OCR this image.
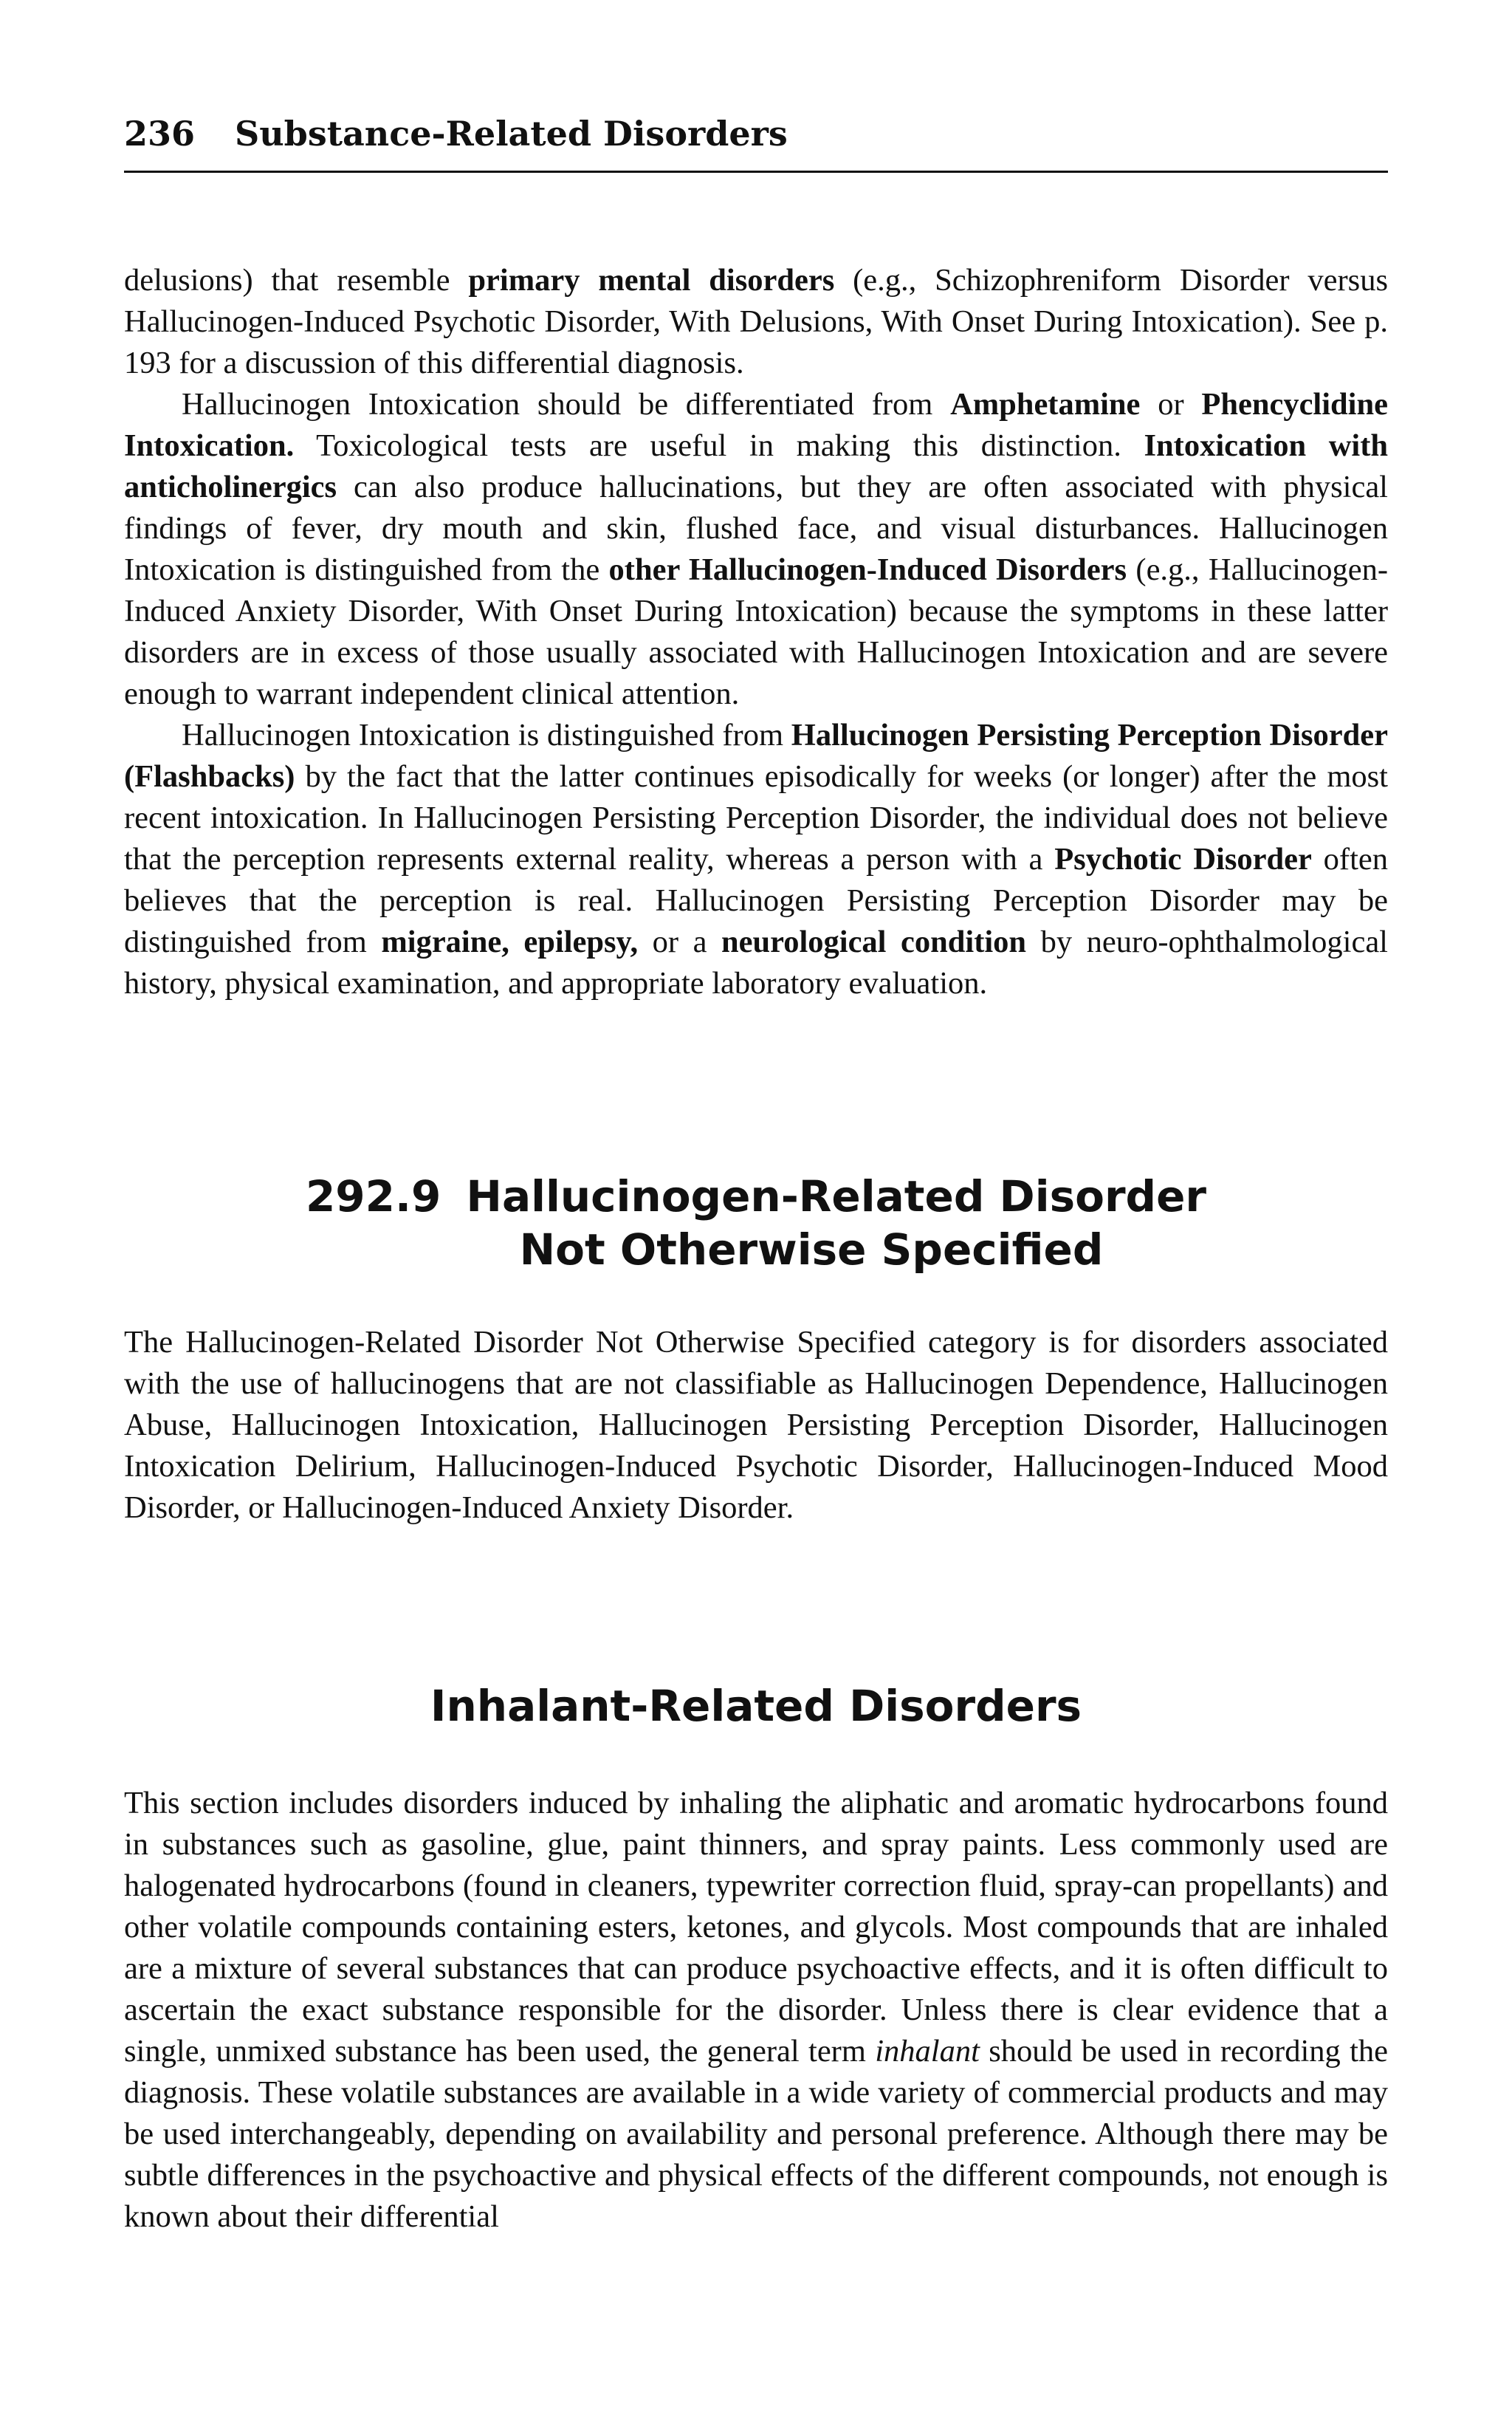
236 Substance-Related Disorders

delusions) that resemble primary mental disorders (e.g., Schizophreniform Disorder versus Hallucinogen-Induced Psychotic Disorder, With Delusions, With Onset During Intoxication). See p. 193 for a discussion of this differential diagnosis.

Hallucinogen Intoxication should be differentiated from Amphetamine or Phencyclidine Intoxication. Toxicological tests are useful in making this distinction. Intoxication with anticholinergics can also produce hallucinations, but they are often associated with physical findings of fever, dry mouth and skin, flushed face, and visual disturbances. Hallucinogen Intoxication is distinguished from the other Hallucinogen-Induced Disorders (e.g., Hallucinogen-Induced Anxiety Disorder, With Onset During Intoxication) because the symptoms in these latter disorders are in excess of those usually associated with Hallucinogen Intoxication and are severe enough to warrant independent clinical attention.

Hallucinogen Intoxication is distinguished from Hallucinogen Persisting Perception Disorder (Flashbacks) by the fact that the latter continues episodically for weeks (or longer) after the most recent intoxication. In Hallucinogen Persisting Perception Disorder, the individual does not believe that the perception represents external reality, whereas a person with a Psychotic Disorder often believes that the perception is real. Hallucinogen Persisting Perception Disorder may be distinguished from migraine, epilepsy, or a neurological condition by neuro-ophthalmological history, physical examination, and appropriate laboratory evaluation.

292.9 Hallucinogen-Related Disorder
Not Otherwise Specified

The Hallucinogen-Related Disorder Not Otherwise Specified category is for disorders associated with the use of hallucinogens that are not classifiable as Hallucinogen Dependence, Hallucinogen Abuse, Hallucinogen Intoxication, Hallucinogen Persisting Perception Disorder, Hallucinogen Intoxication Delirium, Hallucinogen-Induced Psychotic Disorder, Hallucinogen-Induced Mood Disorder, or Hallucinogen-Induced Anxiety Disorder.

Inhalant-Related Disorders

This section includes disorders induced by inhaling the aliphatic and aromatic hydrocarbons found in substances such as gasoline, glue, paint thinners, and spray paints. Less commonly used are halogenated hydrocarbons (found in cleaners, typewriter correction fluid, spray-can propellants) and other volatile compounds containing esters, ketones, and glycols. Most compounds that are inhaled are a mixture of several substances that can produce psychoactive effects, and it is often difficult to ascertain the exact substance responsible for the disorder. Unless there is clear evidence that a single, unmixed substance has been used, the general term inhalant should be used in recording the diagnosis. These volatile substances are available in a wide variety of commercial products and may be used interchangeably, depending on availability and personal preference. Although there may be subtle differences in the psychoactive and physical effects of the different compounds, not enough is known about their differential
